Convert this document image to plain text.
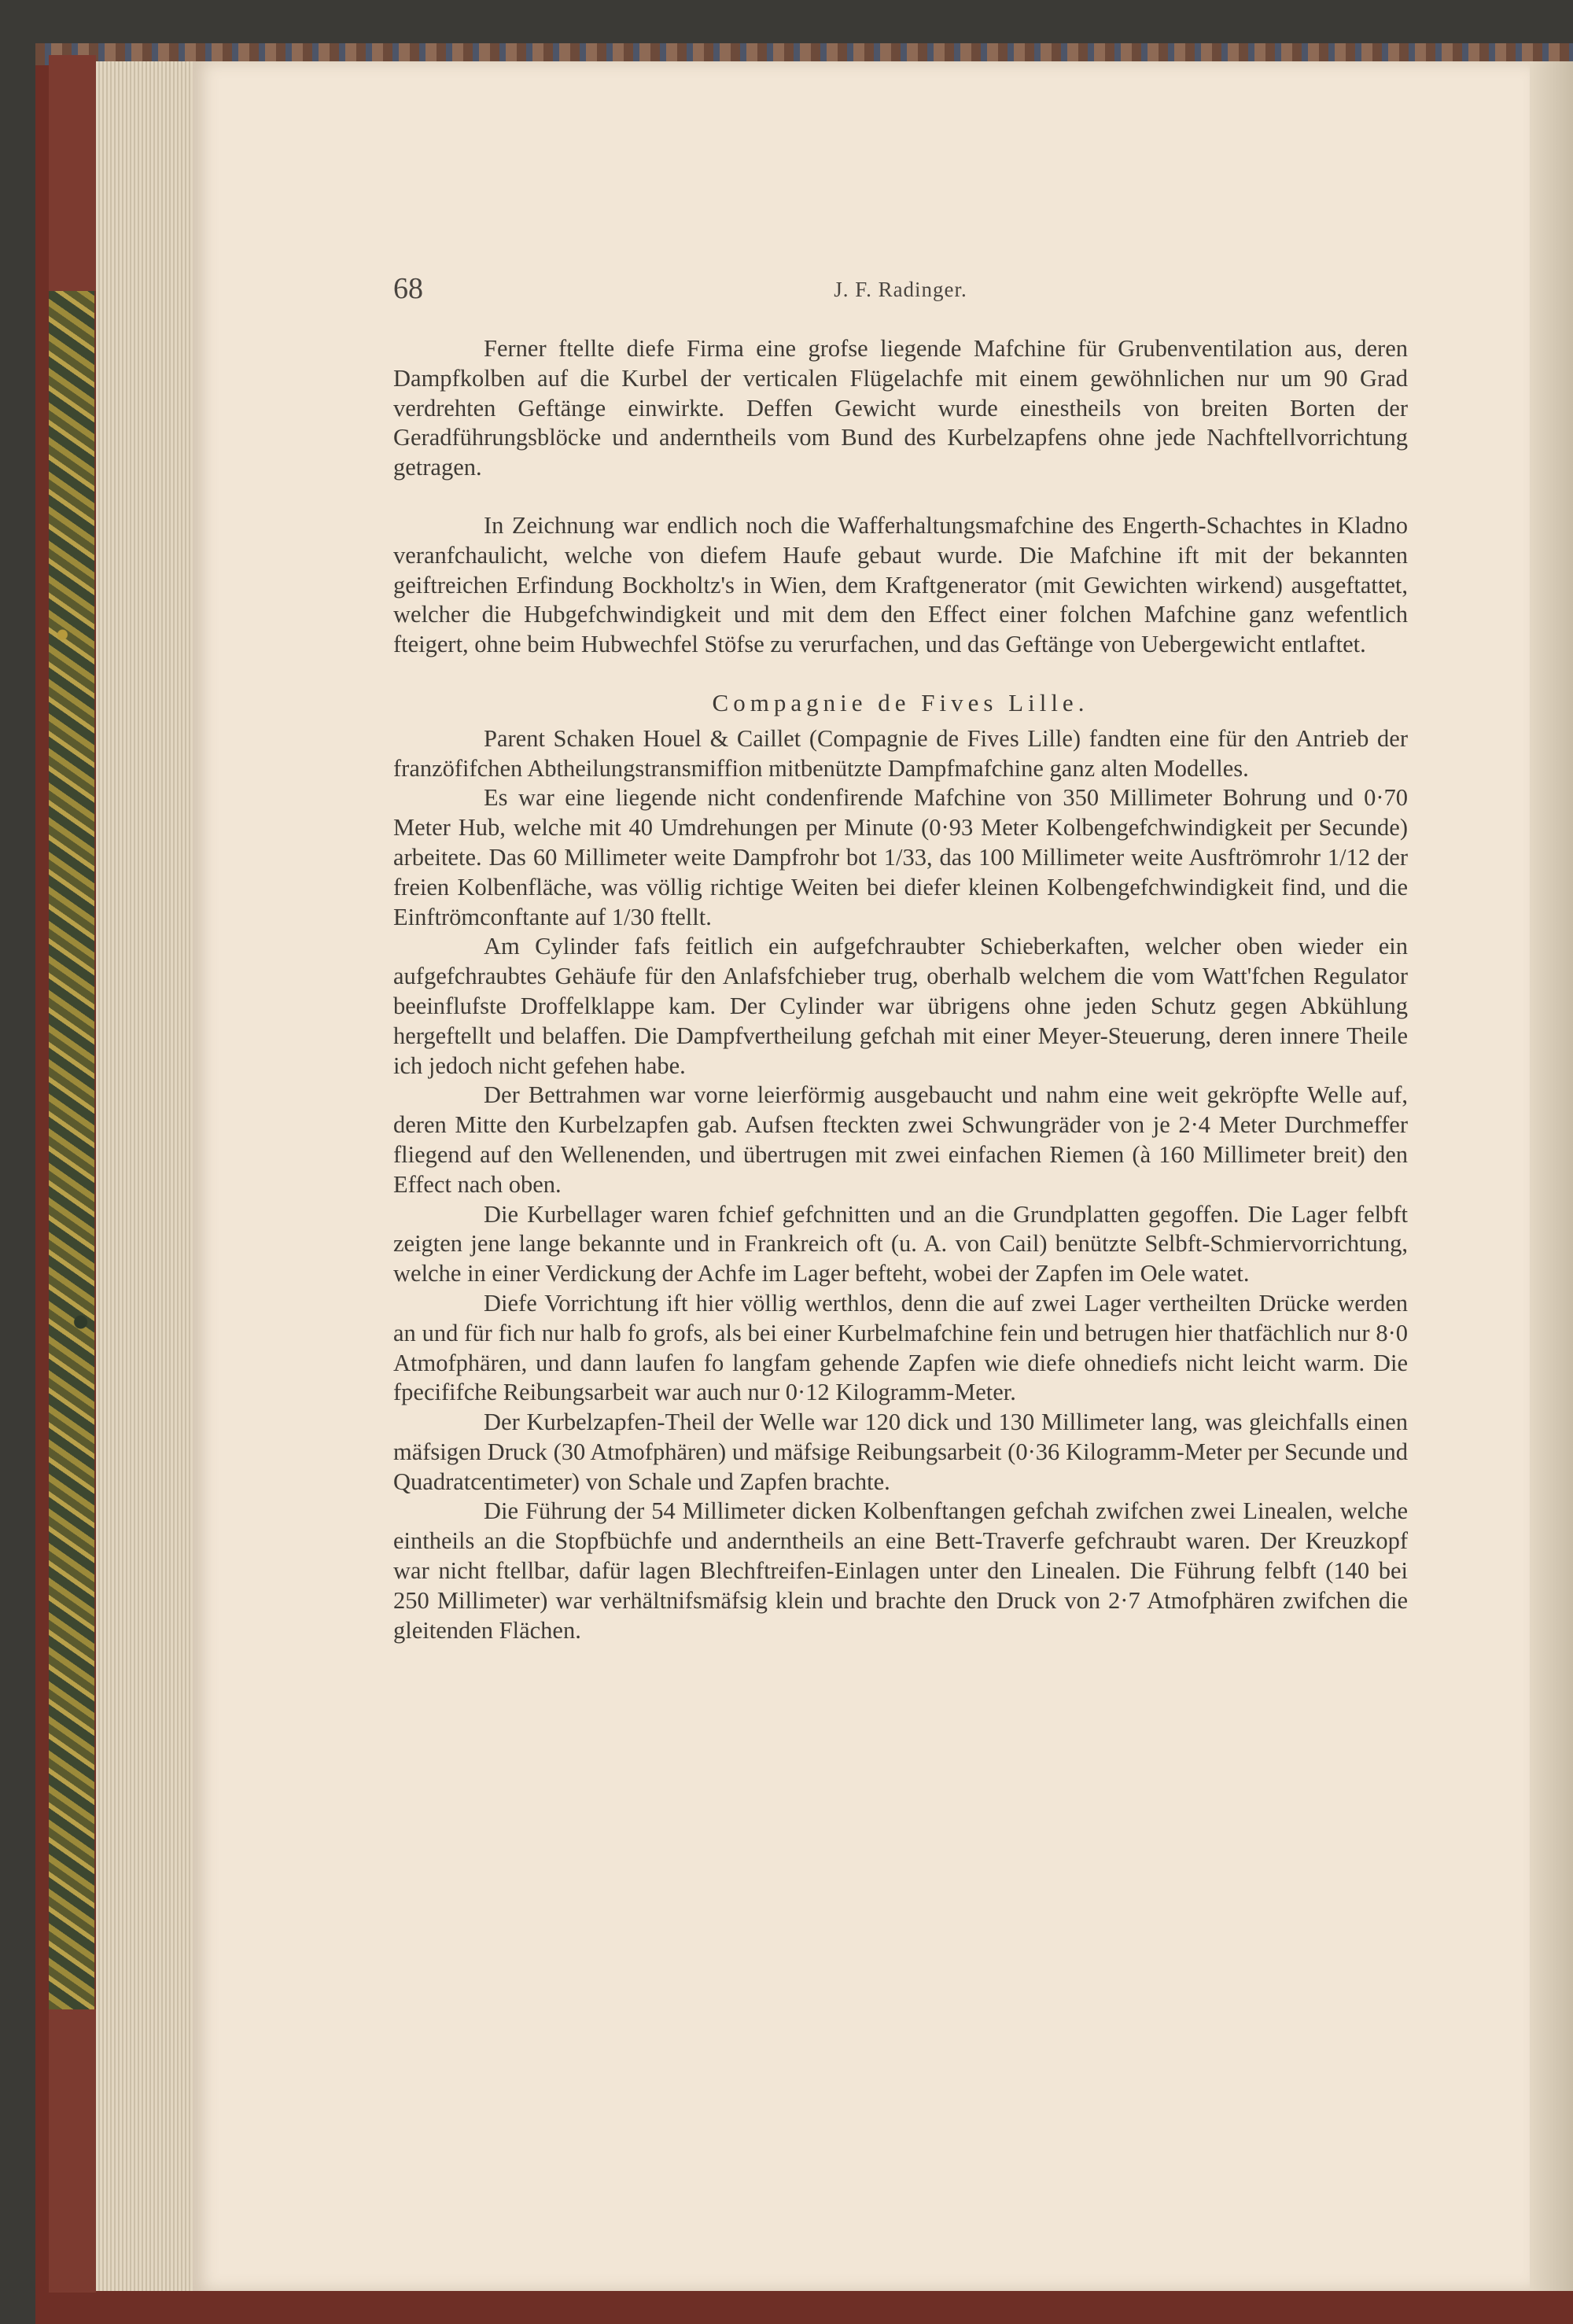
68	J. F. Radinger.

Ferner ftellte diefe Firma eine grofse liegende Mafchine für Grubenventilation aus, deren Dampfkolben auf die Kurbel der verticalen Flügelachfe mit einem gewöhnlichen nur um 90 Grad verdrehten Geftänge einwirkte. Deffen Gewicht wurde einestheils von breiten Borten der Geradführungsblöcke und anderntheils vom Bund des Kurbelzapfens ohne jede Nachftellvorrichtung getragen.

In Zeichnung war endlich noch die Wafferhaltungsmafchine des Engerth-Schachtes in Kladno veranfchaulicht, welche von diefem Haufe gebaut wurde. Die Mafchine ift mit der bekannten geiftreichen Erfindung Bockholtz's in Wien, dem Kraftgenerator (mit Gewichten wirkend) ausgeftattet, welcher die Hubgefchwindigkeit und mit dem den Effect einer folchen Mafchine ganz wefentlich fteigert, ohne beim Hubwechfel Stöfse zu verurfachen, und das Geftänge von Uebergewicht entlaftet.

Compagnie de Fives Lille.

Parent Schaken Houel & Caillet (Compagnie de Fives Lille) fandten eine für den Antrieb der franzöfifchen Abtheilungstransmiffion mitbenützte Dampfmafchine ganz alten Modelles.

Es war eine liegende nicht condenfirende Mafchine von 350 Millimeter Bohrung und 0·70 Meter Hub, welche mit 40 Umdrehungen per Minute (0·93 Meter Kolbengefchwindigkeit per Secunde) arbeitete. Das 60 Millimeter weite Dampfrohr bot 1/33, das 100 Millimeter weite Ausftrömrohr 1/12 der freien Kolbenfläche, was völlig richtige Weiten bei diefer kleinen Kolbengefchwindigkeit find, und die Einftrömconftante auf 1/30 ftellt.

Am Cylinder fafs feitlich ein aufgefchraubter Schieberkaften, welcher oben wieder ein aufgefchraubtes Gehäufe für den Anlafsfchieber trug, oberhalb welchem die vom Watt'fchen Regulator beeinflufste Droffelklappe kam. Der Cylinder war übrigens ohne jeden Schutz gegen Abkühlung hergeftellt und belaffen. Die Dampfvertheilung gefchah mit einer Meyer-Steuerung, deren innere Theile ich jedoch nicht gefehen habe.

Der Bettrahmen war vorne leierförmig ausgebaucht und nahm eine weit gekröpfte Welle auf, deren Mitte den Kurbelzapfen gab. Aufsen fteckten zwei Schwungräder von je 2·4 Meter Durchmeffer fliegend auf den Wellenenden, und übertrugen mit zwei einfachen Riemen (à 160 Millimeter breit) den Effect nach oben.

Die Kurbellager waren fchief gefchnitten und an die Grundplatten gegoffen. Die Lager felbft zeigten jene lange bekannte und in Frankreich oft (u. A. von Cail) benützte Selbft-Schmiervorrichtung, welche in einer Verdickung der Achfe im Lager befteht, wobei der Zapfen im Oele watet.

Diefe Vorrichtung ift hier völlig werthlos, denn die auf zwei Lager vertheilten Drücke werden an und für fich nur halb fo grofs, als bei einer Kurbelmafchine fein und betrugen hier thatfächlich nur 8·0 Atmofphären, und dann laufen fo langfam gehende Zapfen wie diefe ohnediefs nicht leicht warm. Die fpecififche Reibungsarbeit war auch nur 0·12 Kilogramm-Meter.

Der Kurbelzapfen-Theil der Welle war 120 dick und 130 Millimeter lang, was gleichfalls einen mäfsigen Druck (30 Atmofphären) und mäfsige Reibungsarbeit (0·36 Kilogramm-Meter per Secunde und Quadratcentimeter) von Schale und Zapfen brachte.

Die Führung der 54 Millimeter dicken Kolbenftangen gefchah zwifchen zwei Linealen, welche eintheils an die Stopfbüchfe und anderntheils an eine Bett-Traverfe gefchraubt waren. Der Kreuzkopf war nicht ftellbar, dafür lagen Blechftreifen-Einlagen unter den Linealen. Die Führung felbft (140 bei 250 Millimeter) war verhältnifsmäfsig klein und brachte den Druck von 2·7 Atmofphären zwifchen die gleitenden Flächen.
